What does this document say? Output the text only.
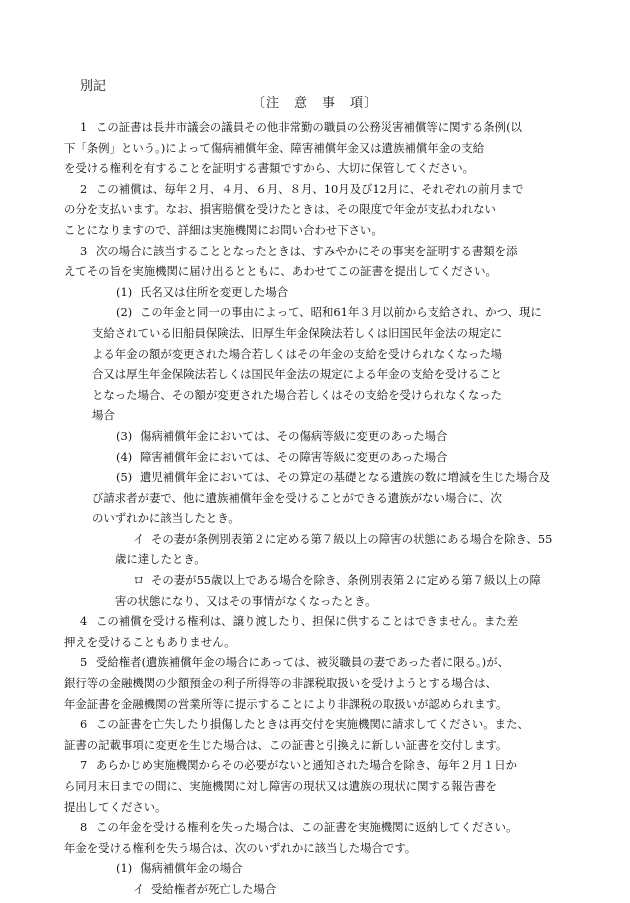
別記
〔注　意　事　項〕
1 この証書は長井市議会の議員その他非常勤の職員の公務災害補償等に関する条例(以
下「条例」という。)によって傷病補償年金、障害補償年金又は遺族補償年金の支給
を受ける権利を有することを証明する書類ですから、大切に保管してください。
2 この補償は、毎年２月、４月、６月、８月、10月及び12月に、それぞれの前月まで
の分を支払います。なお、損害賠償を受けたときは、その限度で年金が支払われない
ことになりますので、詳細は実施機関にお問い合わせ下さい。
3 次の場合に該当することとなったときは、すみやかにその事実を証明する書類を添
えてその旨を実施機関に届け出るとともに、あわせてこの証書を提出してください。
(1) 氏名又は住所を変更した場合
(2) この年金と同一の事由によって、昭和61年３月以前から支給され、かつ、現に
支給されている旧船員保険法、旧厚生年金保険法若しくは旧国民年金法の規定に
よる年金の額が変更された場合若しくはその年金の支給を受けられなくなった場
合又は厚生年金保険法若しくは国民年金法の規定による年金の支給を受けること
となった場合、その額が変更された場合若しくはその支給を受けられなくなった
場合
(3) 傷病補償年金においては、その傷病等級に変更のあった場合
(4) 障害補償年金においては、その障害等級に変更のあった場合
(5) 遺児補償年金においては、その算定の基礎となる遺族の数に増減を生じた場合及
び請求者が妻で、他に遺族補償年金を受けることができる遺族がない場合に、次
のいずれかに該当したとき。
イ その妻が条例別表第２に定める第７級以上の障害の状態にある場合を除き、55
歳に達したとき。
ロ その妻が55歳以上である場合を除き、条例別表第２に定める第７級以上の障
害の状態になり、又はその事情がなくなったとき。
4 この補償を受ける権利は、譲り渡したり、担保に供することはできません。また差
押えを受けることもありません。
5 受給権者(遺族補償年金の場合にあっては、被災職員の妻であった者に限る。)が、
銀行等の金融機関の少額預金の利子所得等の非課税取扱いを受けようとする場合は、
年金証書を金融機関の営業所等に提示することにより非課税の取扱いが認められます。
6 この証書を亡失したり損傷したときは再交付を実施機関に請求してください。また、
証書の記載事項に変更を生じた場合は、この証書と引換えに新しい証書を交付します。
7 あらかじめ実施機関からその必要がないと通知された場合を除き、毎年２月１日か
ら同月末日までの間に、実施機関に対し障害の現状又は遺族の現状に関する報告書を
提出してください。
8 この年金を受ける権利を失った場合は、この証書を実施機関に返納してください。
年金を受ける権利を失う場合は、次のいずれかに該当した場合です。
(1) 傷病補償年金の場合
イ 受給権者が死亡した場合
